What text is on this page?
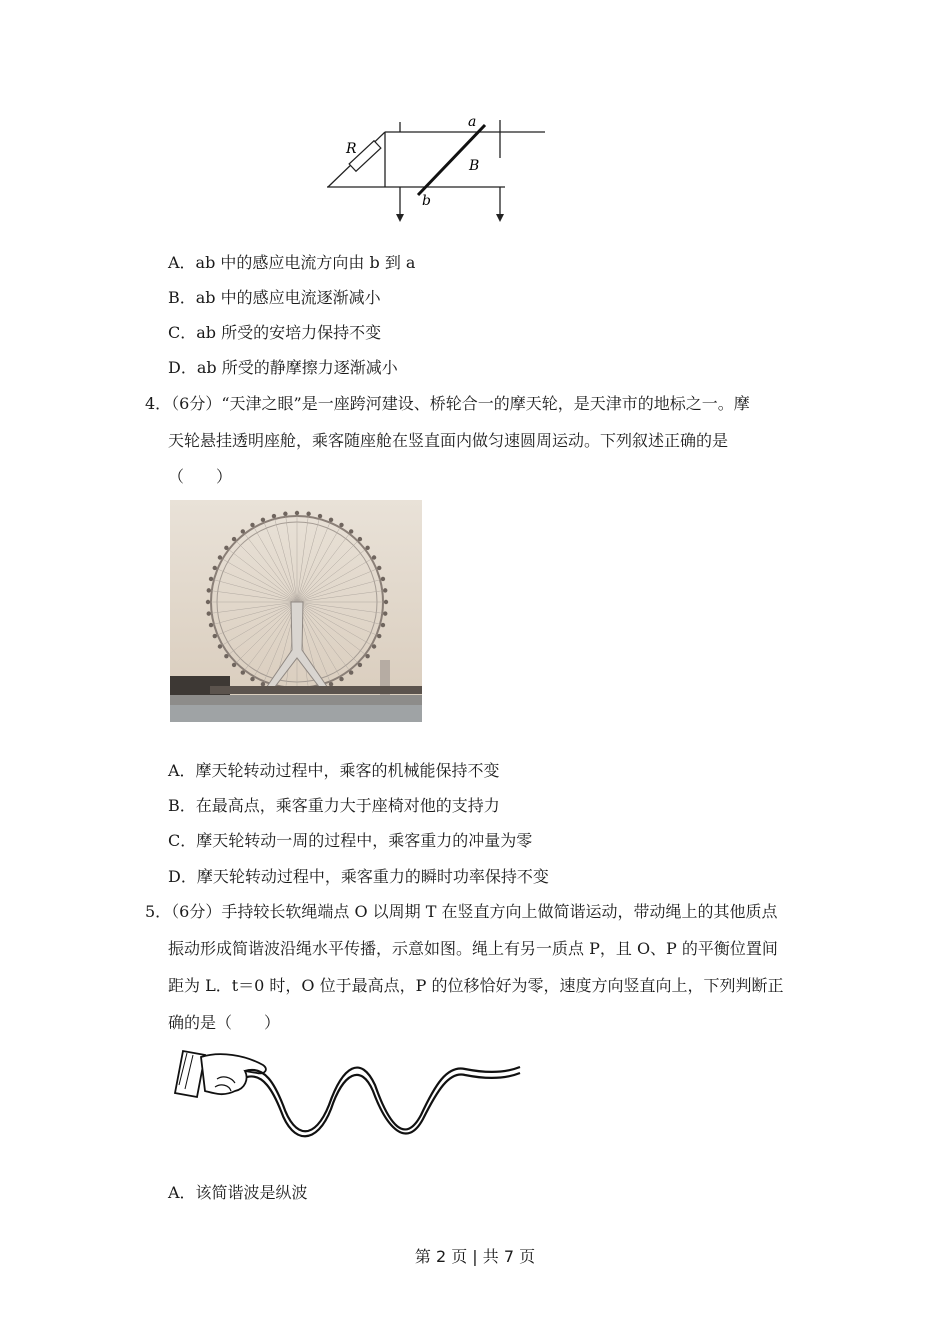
R
a
b
B
A．ab 中的感应电流方向由 b 到 a
B．ab 中的感应电流逐渐减小
C．ab 所受的安培力保持不变
D．ab 所受的静摩擦力逐渐减小
4．（6分）“天津之眼”是一座跨河建设、桥轮合一的摩天轮，是天津市的地标之一。摩
天轮悬挂透明座舱，乘客随座舱在竖直面内做匀速圆周运动。下列叙述正确的是
（　　）
A．摩天轮转动过程中，乘客的机械能保持不变
B．在最高点，乘客重力大于座椅对他的支持力
C．摩天轮转动一周的过程中，乘客重力的冲量为零
D．摩天轮转动过程中，乘客重力的瞬时功率保持不变
5．（6分）手持较长软绳端点 O 以周期 T 在竖直方向上做简谐运动，带动绳上的其他质点
振动形成简谐波沿绳水平传播，示意如图。绳上有另一质点 P，且 O、P 的平衡位置间
距为 L．t＝0 时，O 位于最高点，P 的位移恰好为零，速度方向竖直向上，下列判断正
确的是（　　）
A．该简谐波是纵波
第 2 页 | 共 7 页
